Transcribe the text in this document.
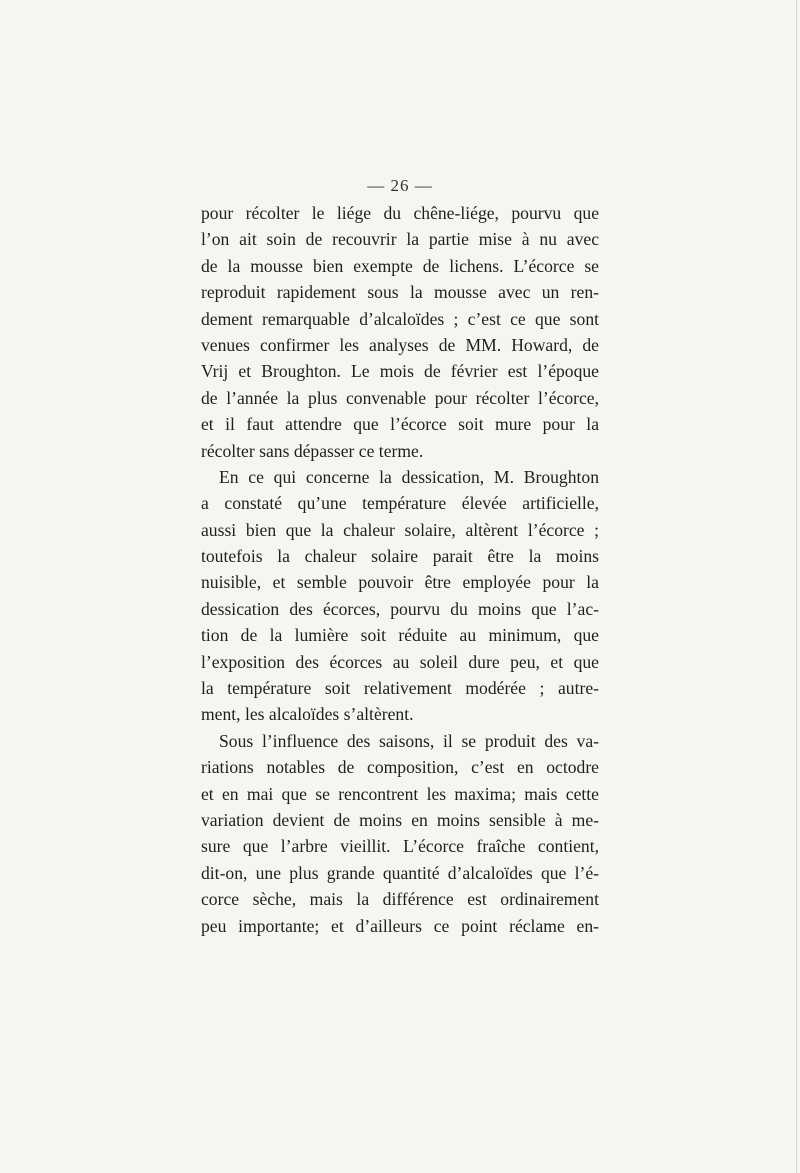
— 26 —
pour récolter le liége du chêne-liége, pourvu que
l’on ait soin de recouvrir la partie mise à nu avec
de la mousse bien exempte de lichens. L’écorce se
reproduit rapidement sous la mousse avec un ren-
dement remarquable d’alcaloïdes ; c’est ce que sont
venues confirmer les analyses de MM. Howard, de
Vrij et Broughton. Le mois de février est l’époque
de l’année la plus convenable pour récolter l’écorce,
et il faut attendre que l’écorce soit mure pour la
récolter sans dépasser ce terme.
En ce qui concerne la dessication, M. Broughton
a constaté qu’une température élevée artificielle,
aussi bien que la chaleur solaire, altèrent l’écorce ;
toutefois la chaleur solaire parait être la moins
nuisible, et semble pouvoir être employée pour la
dessication des écorces, pourvu du moins que l’ac-
tion de la lumière soit réduite au minimum, que
l’exposition des écorces au soleil dure peu, et que
la température soit relativement modérée ; autre-
ment, les alcaloïdes s’altèrent.
Sous l’influence des saisons, il se produit des va-
riations notables de composition, c’est en octodre
et en mai que se rencontrent les maxima; mais cette
variation devient de moins en moins sensible à me-
sure que l’arbre vieillit. L’écorce fraîche contient,
dit-on, une plus grande quantité d’alcaloïdes que l’é-
corce sèche, mais la différence est ordinairement
peu importante; et d’ailleurs ce point réclame en-
